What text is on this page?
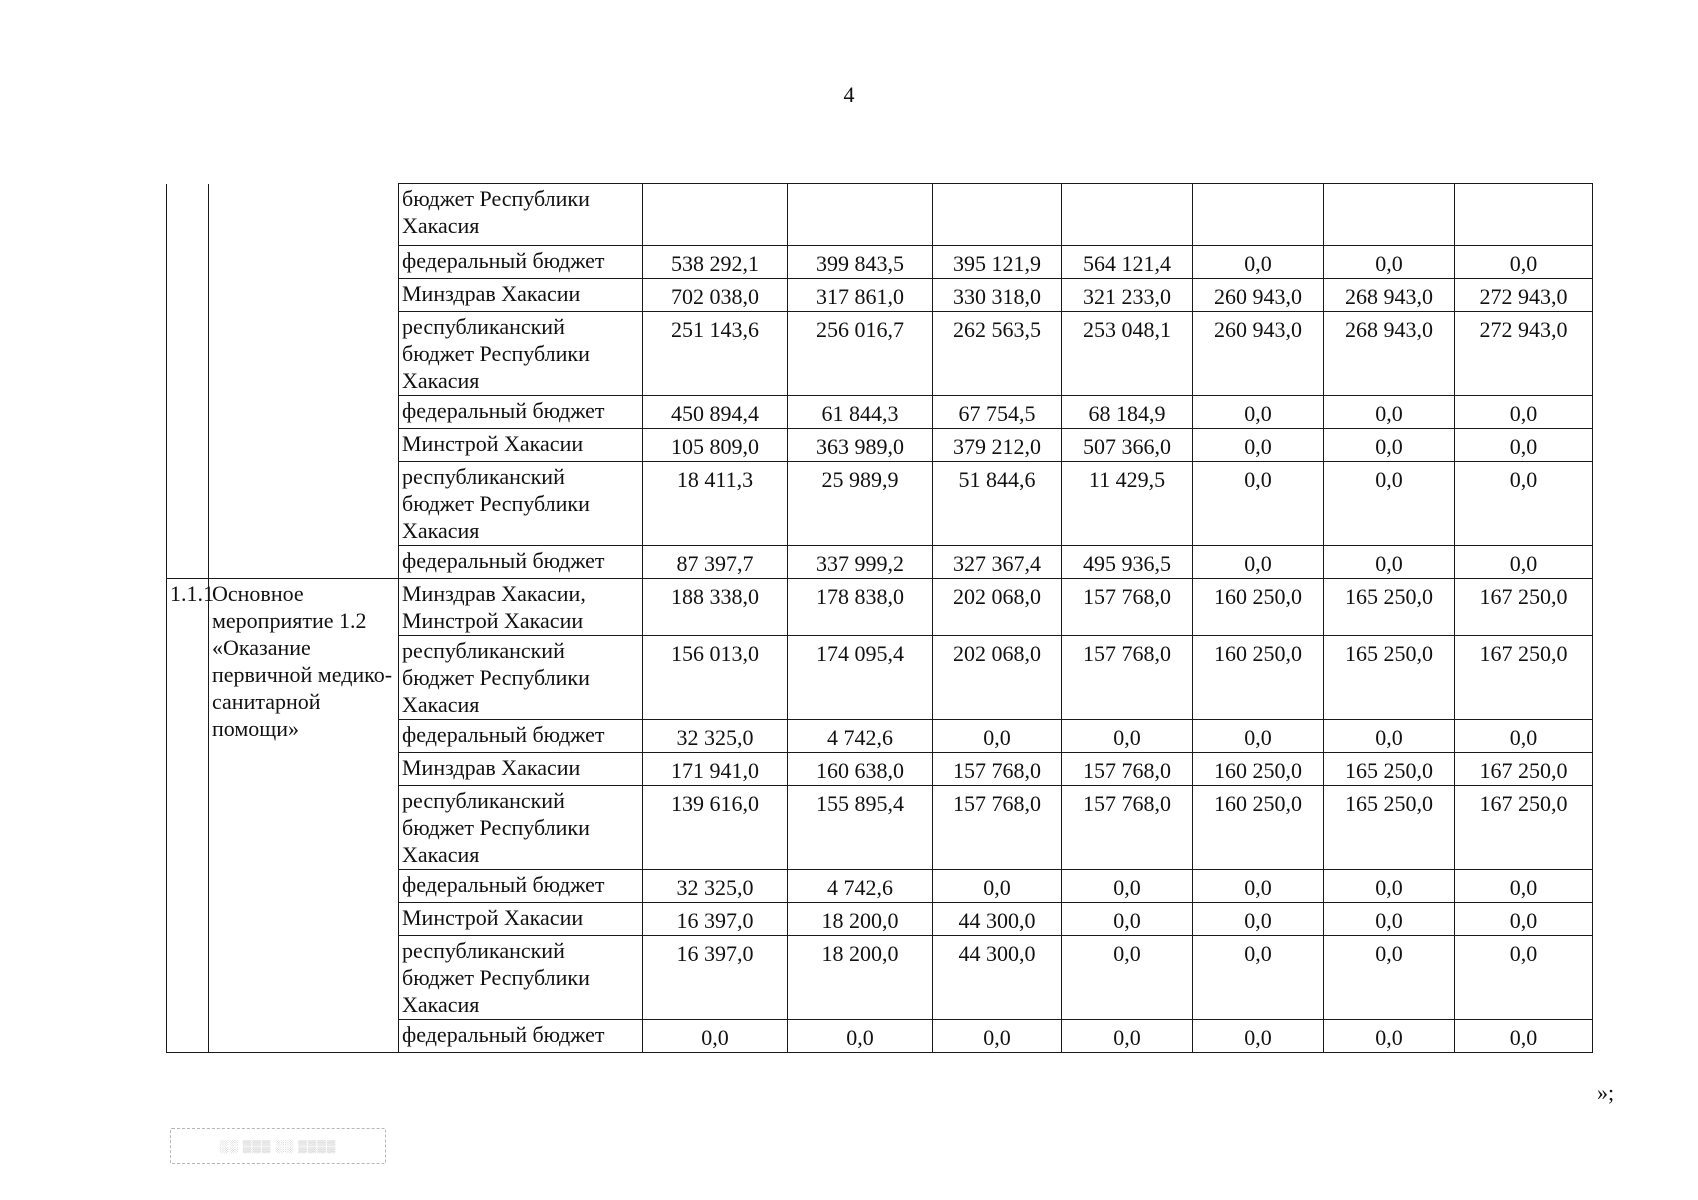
4
		бюджет Республики Хакасия							
		федеральный бюджет	538 292,1	399 843,5	395 121,9	564 121,4	0,0	0,0	0,0
		Минздрав Хакасии	702 038,0	317 861,0	330 318,0	321 233,0	260 943,0	268 943,0	272 943,0
		республиканский бюджет Республики Хакасия	251 143,6	256 016,7	262 563,5	253 048,1	260 943,0	268 943,0	272 943,0
		федеральный бюджет	450 894,4	61 844,3	67 754,5	68 184,9	0,0	0,0	0,0
		Минстрой Хакасии	105 809,0	363 989,0	379 212,0	507 366,0	0,0	0,0	0,0
		республиканский бюджет Республики Хакасия	18 411,3	25 989,9	51 844,6	11 429,5	0,0	0,0	0,0
		федеральный бюджет	87 397,7	337 999,2	327 367,4	495 936,5	0,0	0,0	0,0
1.1.1	Основное мероприятие 1.2 «Оказание первичной медико-санитарной помощи»	Минздрав Хакасии, Минстрой Хакасии	188 338,0	178 838,0	202 068,0	157 768,0	160 250,0	165 250,0	167 250,0
		республиканский бюджет Республики Хакасия	156 013,0	174 095,4	202 068,0	157 768,0	160 250,0	165 250,0	167 250,0
		федеральный бюджет	32 325,0	4 742,6	0,0	0,0	0,0	0,0	0,0
		Минздрав Хакасии	171 941,0	160 638,0	157 768,0	157 768,0	160 250,0	165 250,0	167 250,0
		республиканский бюджет Республики Хакасия	139 616,0	155 895,4	157 768,0	157 768,0	160 250,0	165 250,0	167 250,0
		федеральный бюджет	32 325,0	4 742,6	0,0	0,0	0,0	0,0	0,0
		Минстрой Хакасии	16 397,0	18 200,0	44 300,0	0,0	0,0	0,0	0,0
		республиканский бюджет Республики Хакасия	16 397,0	18 200,0	44 300,0	0,0	0,0	0,0	0,0
		федеральный бюджет	0,0	0,0	0,0	0,0	0,0	0,0	0,0
»;
░░ ▒▒▒ ░░ ▒▒▒▒
